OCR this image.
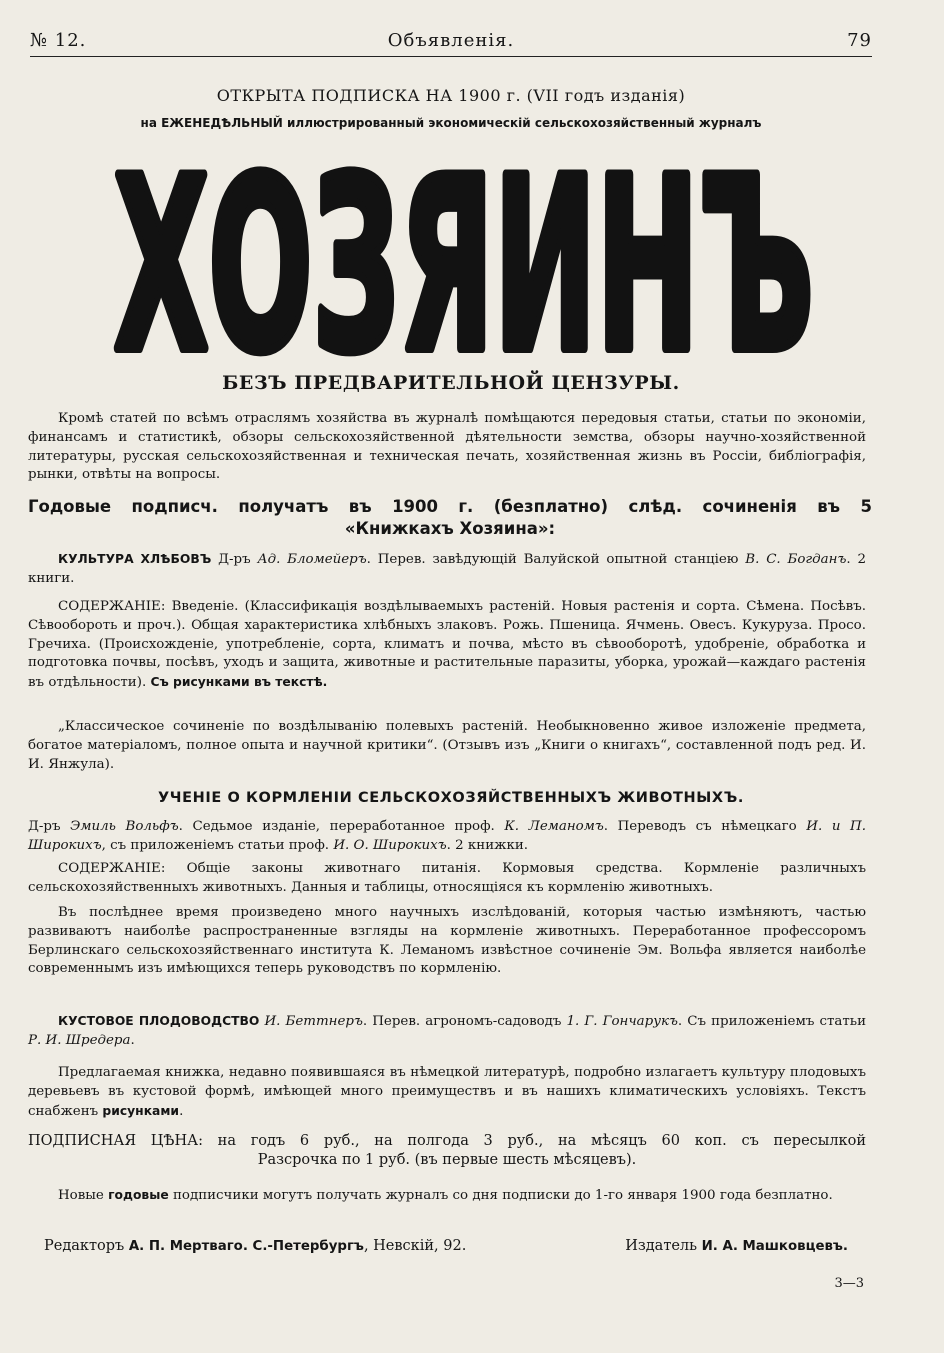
№ 12.	Объявленія.	79
ОТКРЫТА ПОДПИСКА НА 1900 г. (VII годъ изданія)
на ЕЖЕНЕДѢЛЬНЫЙ иллюстрированный экономическій сельскохозяйственный журналъ
ХОЗЯИНЪ
БЕЗЪ ПРЕДВАРИТЕЛЬНОЙ ЦЕНЗУРЫ.
Кромѣ статей по всѣмъ отраслямъ хозяйства въ журналѣ помѣщаются передовыя статьи, статьи по экономіи, финансамъ и статистикѣ, обзоры сельскохозяйственной дѣятельности земства, обзоры научно-хозяйственной литературы, русская сельскохозяйственная и техническая печать, хозяйственная жизнь въ Россіи, библіографія, рынки, отвѣты на вопросы.
Годовые подписч. получатъ въ 1900 г. (безплатно) слѣд. сочиненія въ 5
«Книжкахъ Хозяина»:
КУЛЬТУРА ХЛѢБОВЪ Д-ръ Ад. Бломейеръ. Перев. завѣдующій Валуйской опытной станціею В. С. Богданъ. 2 книги.
СОДЕРЖАНІЕ: Введеніе. (Классификація воздѣлываемыхъ растеній. Новыя растенія и сорта. Сѣмена. Посѣвъ. Сѣвообороть и проч.). Общая характеристика хлѣбныхъ злаковъ. Рожь. Пшеница. Ячмень. Овесъ. Кукуруза. Просо. Гречиха. (Происхожденіе, употребленіе, сорта, климатъ и почва, мѣсто въ сѣвооборотѣ, удобреніе, обработка и подготовка почвы, посѣвъ, уходъ и защита, животные и растительные паразиты, уборка, урожай—каждаго растенія въ отдѣльности). Съ рисунками въ текстѣ.
„Классическое сочиненіе по воздѣлыванію полевыхъ растеній. Необыкновенно живое изложеніе предмета, богатое матеріаломъ, полное опыта и научной критики“. (Отзывъ изъ „Книги о книгахъ“, составленной подъ ред. И. И. Янжула).
УЧЕНІЕ О КОРМЛЕНІИ СЕЛЬСКОХОЗЯЙСТВЕННЫХЪ ЖИВОТНЫХЪ.
Д-ръ Эмиль Вольфъ. Седьмое изданіе, переработанное проф. К. Леманомъ. Переводъ съ нѣмецкаго И. и П. Широкихъ, съ приложеніемъ статьи проф. И. О. Широкихъ. 2 книжки.
СОДЕРЖАНІЕ: Общіе законы животнаго питанія. Кормовыя средства. Кормленіе различныхъ сельскохозяйственныхъ животныхъ. Данныя и таблицы, относящіяся къ кормленію животныхъ.
Въ послѣднее время произведено много научныхъ изслѣдованій, которыя частью измѣняютъ, частью развиваютъ наиболѣе распространенные взгляды на кормленіе животныхъ. Переработанное профессоромъ Берлинскаго сельскохозяйственнаго института К. Леманомъ извѣстное сочиненіе Эм. Вольфа является наиболѣе современнымъ изъ имѣющихся теперь руководствъ по кормленію.
КУСТОВОЕ ПЛОДОВОДСТВО И. Беттнеръ. Перев. агрономъ-садоводъ 1. Г. Гончарукъ. Съ приложеніемъ статьи Р. И. Шредера.
Предлагаемая книжка, недавно появившаяся въ нѣмецкой литературѣ, подробно излагаетъ культуру плодовыхъ деревьевъ въ кустовой формѣ, имѣющей много преимуществъ и въ нашихъ климатическихъ условіяхъ. Текстъ снабженъ рисунками.
ПОДПИСНАЯ ЦѢНА: на годъ 6 руб., на полгода 3 руб., на мѣсяцъ 60 коп. съ пересылкой
Разсрочка по 1 руб. (въ первые шесть мѣсяцевъ).
Новые годовые подписчики могутъ получать журналъ со дня подписки до 1-го января 1900 года безплатно.
Редакторъ А. П. Мертваго. С.-Петербургъ, Невскій, 92.	Издатель И. А. Машковцевъ.
3—3
